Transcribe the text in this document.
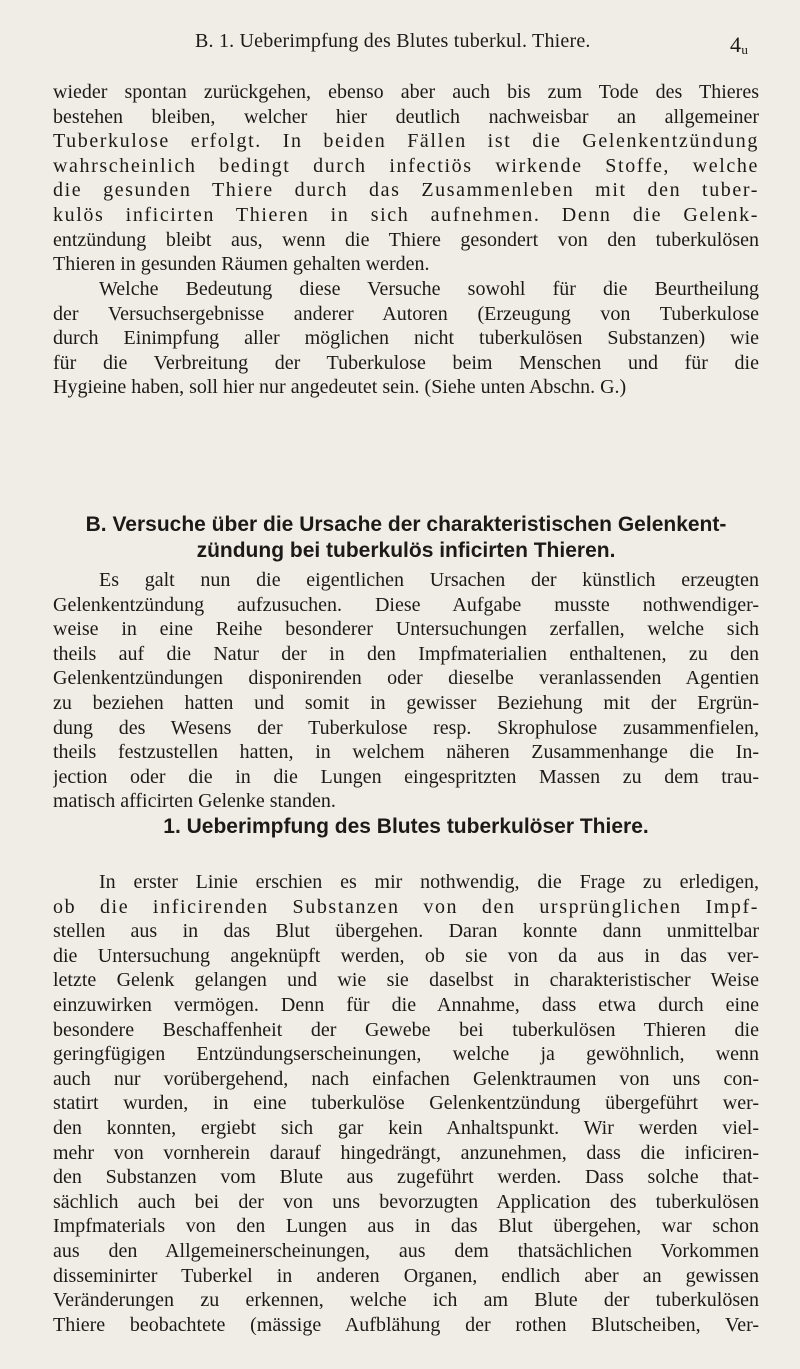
B. 1. Ueberimpfung des Blutes tuberkul. Thiere.	4ᵤ
wieder spontan zurückgehen, ebenso aber auch bis zum Tode des Thieres
bestehen bleiben, welcher hier deutlich nachweisbar an allgemeiner
Tuberkulose erfolgt. In beiden Fällen ist die Gelenkentzündung
wahrscheinlich bedingt durch infectiös wirkende Stoffe, welche
die gesunden Thiere durch das Zusammenleben mit den tuber-
kulös inficirten Thieren in sich aufnehmen. Denn die Gelenk-
entzündung bleibt aus, wenn die Thiere gesondert von den tuberkulösen
Thieren in gesunden Räumen gehalten werden.
Welche Bedeutung diese Versuche sowohl für die Beurtheilung
der Versuchsergebnisse anderer Autoren (Erzeugung von Tuberkulose
durch Einimpfung aller möglichen nicht tuberkulösen Substanzen) wie
für die Verbreitung der Tuberkulose beim Menschen und für die
Hygieine haben, soll hier nur angedeutet sein. (Siehe unten Abschn. G.)
B. Versuche über die Ursache der charakteristischen Gelenkent-
zündung bei tuberkulös inficirten Thieren.
Es galt nun die eigentlichen Ursachen der künstlich erzeugten
Gelenkentzündung aufzusuchen. Diese Aufgabe musste nothwendiger-
weise in eine Reihe besonderer Untersuchungen zerfallen, welche sich
theils auf die Natur der in den Impfmaterialien enthaltenen, zu den
Gelenkentzündungen disponirenden oder dieselbe veranlassenden Agentien
zu beziehen hatten und somit in gewisser Beziehung mit der Ergrün-
dung des Wesens der Tuberkulose resp. Skrophulose zusammenfielen,
theils festzustellen hatten, in welchem näheren Zusammenhange die In-
jection oder die in die Lungen eingespritzten Massen zu dem trau-
matisch afficirten Gelenke standen.
1. Ueberimpfung des Blutes tuberkulöser Thiere.
In erster Linie erschien es mir nothwendig, die Frage zu erledigen,
ob die inficirenden Substanzen von den ursprünglichen Impf-
stellen aus in das Blut übergehen. Daran konnte dann unmittelbar
die Untersuchung angeknüpft werden, ob sie von da aus in das ver-
letzte Gelenk gelangen und wie sie daselbst in charakteristischer Weise
einzuwirken vermögen. Denn für die Annahme, dass etwa durch eine
besondere Beschaffenheit der Gewebe bei tuberkulösen Thieren die
geringfügigen Entzündungserscheinungen, welche ja gewöhnlich, wenn
auch nur vorübergehend, nach einfachen Gelenktraumen von uns con-
statirt wurden, in eine tuberkulöse Gelenkentzündung übergeführt wer-
den konnten, ergiebt sich gar kein Anhaltspunkt. Wir werden viel-
mehr von vornherein darauf hingedrängt, anzunehmen, dass die inficiren-
den Substanzen vom Blute aus zugeführt werden. Dass solche that-
sächlich auch bei der von uns bevorzugten Application des tuberkulösen
Impfmaterials von den Lungen aus in das Blut übergehen, war schon
aus den Allgemeinerscheinungen, aus dem thatsächlichen Vorkommen
disseminirter Tuberkel in anderen Organen, endlich aber an gewissen
Veränderungen zu erkennen, welche ich am Blute der tuberkulösen
Thiere beobachtete (mässige Aufblähung der rothen Blutscheiben, Ver-
